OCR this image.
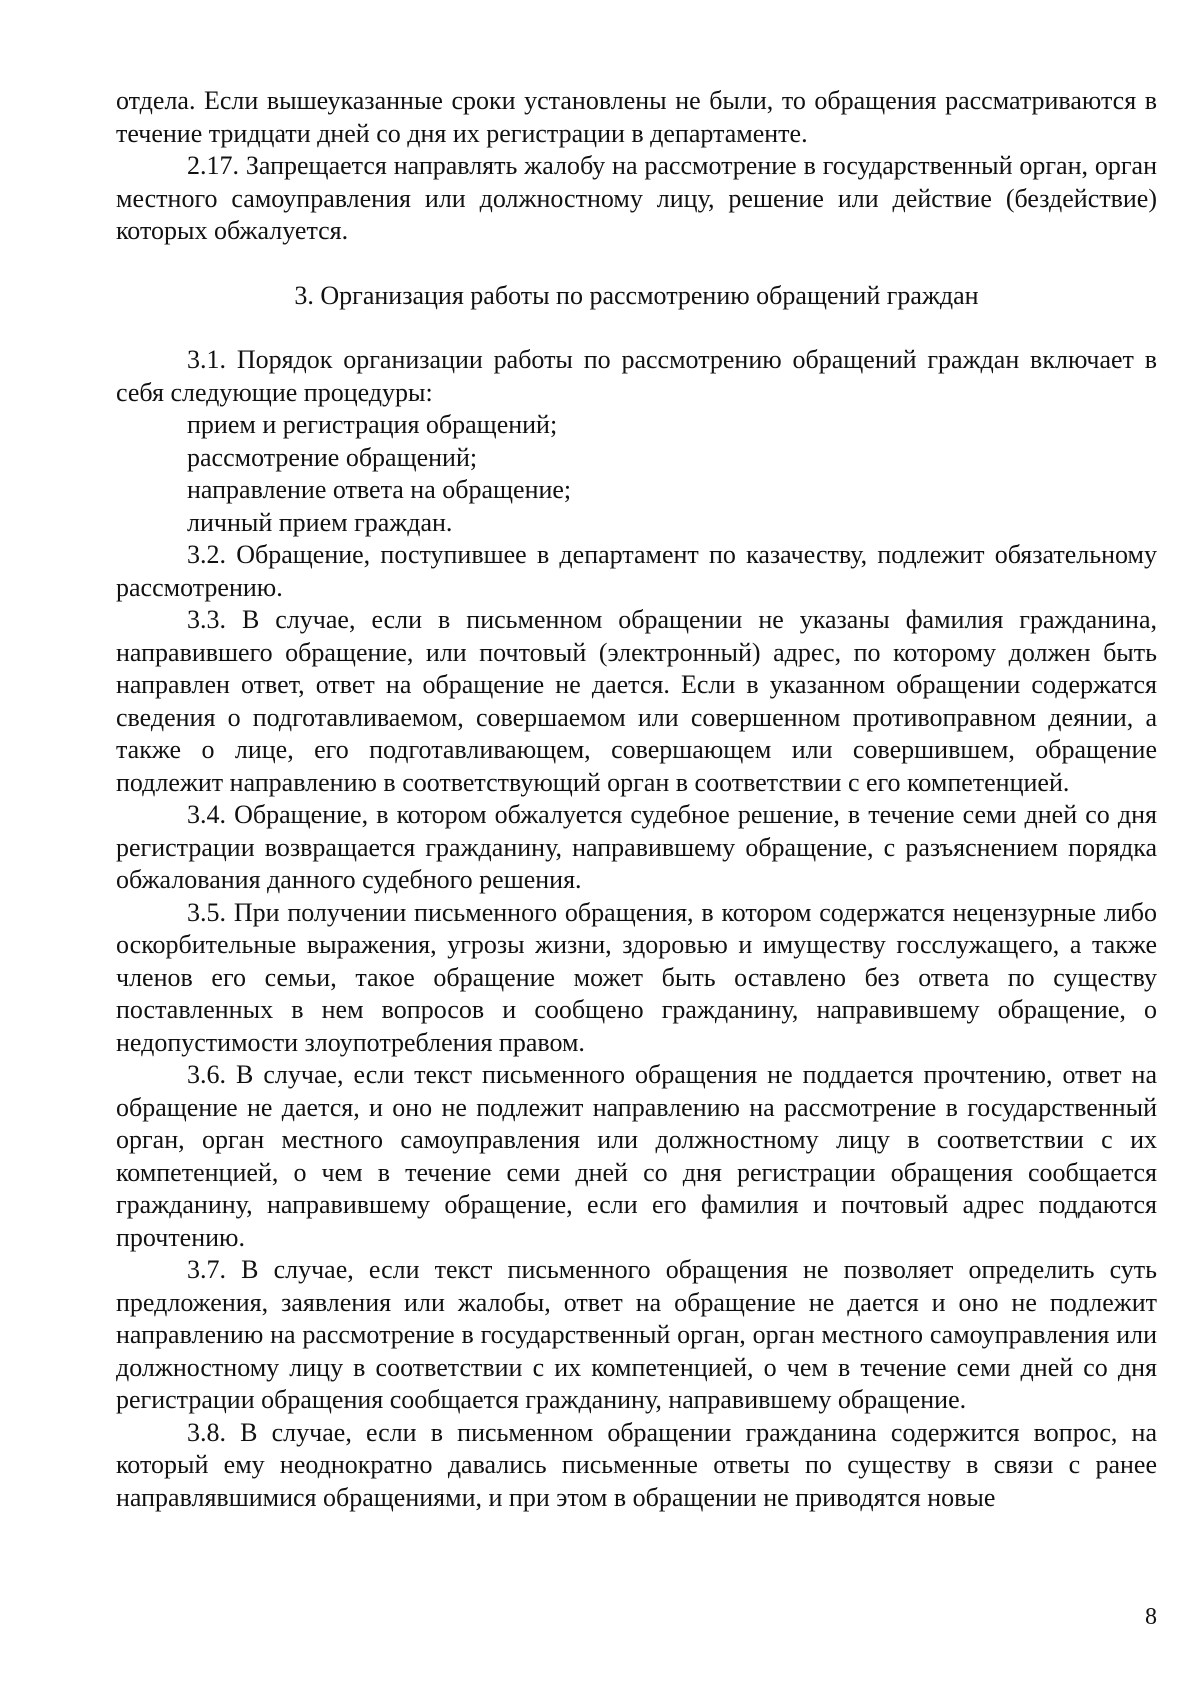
отдела. Если вышеуказанные сроки установлены не были, то обращения рассматриваются в течение тридцати дней со дня их регистрации в департаменте.

2.17. Запрещается направлять жалобу на рассмотрение в государственный орган, орган местного самоуправления или должностному лицу, решение или действие (бездействие) которых обжалуется.

3. Организация работы по рассмотрению обращений граждан

3.1. Порядок организации работы по рассмотрению обращений граждан включает в себя следующие процедуры:

прием и регистрация обращений;

рассмотрение обращений;

направление ответа на обращение;

личный прием граждан.

3.2. Обращение, поступившее в департамент по казачеству, подлежит обязательному рассмотрению.

3.3. В случае, если в письменном обращении не указаны фамилия гражданина, направившего обращение, или почтовый (электронный) адрес, по которому должен быть направлен ответ, ответ на обращение не дается. Если в указанном обращении содержатся сведения о подготавливаемом, совершаемом или совершенном противоправном деянии, а также о лице, его подготавливающем, совершающем или совершившем, обращение подлежит направлению в соответствующий орган в соответствии с его компетенцией.

3.4. Обращение, в котором обжалуется судебное решение, в течение семи дней со дня регистрации возвращается гражданину, направившему обращение, с разъяснением порядка обжалования данного судебного решения.

3.5. При получении письменного обращения, в котором содержатся нецензурные либо оскорбительные выражения, угрозы жизни, здоровью и имуществу госслужащего, а также членов его семьи, такое обращение может быть оставлено без ответа по существу поставленных в нем вопросов и сообщено гражданину, направившему обращение, о недопустимости злоупотребления правом.

3.6. В случае, если текст письменного обращения не поддается прочтению, ответ на обращение не дается, и оно не подлежит направлению на рассмотрение в государственный орган, орган местного самоуправления или должностному лицу в соответствии с их компетенцией, о чем в течение семи дней со дня регистрации обращения сообщается гражданину, направившему обращение, если его фамилия и почтовый адрес поддаются прочтению.

3.7. В случае, если текст письменного обращения не позволяет определить суть предложения, заявления или жалобы, ответ на обращение не дается и оно не подлежит направлению на рассмотрение в государственный орган, орган местного самоуправления или должностному лицу в соответствии с их компетенцией, о чем в течение семи дней со дня регистрации обращения сообщается гражданину, направившему обращение.

3.8. В случае, если в письменном обращении гражданина содержится вопрос, на который ему неоднократно давались письменные ответы по существу в связи с ранее направлявшимися обращениями, и при этом в обращении не приводятся новые

8
